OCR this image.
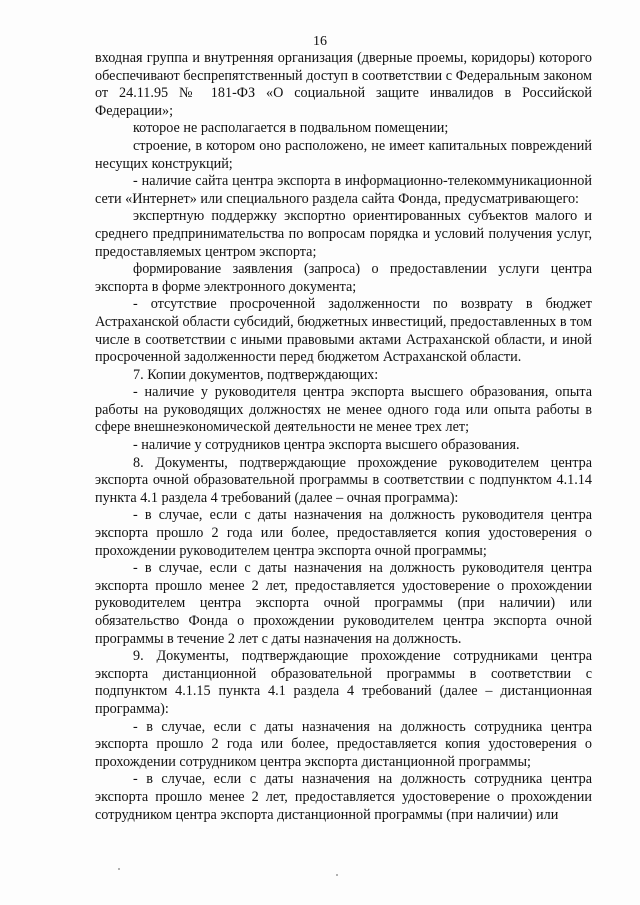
16

входная группа и внутренняя организация (дверные проемы, коридоры) которого обеспечивают беспрепятственный доступ в соответствии с Федеральным законом от 24.11.95 № 181-ФЗ «О социальной защите инвалидов в Российской Федерации»;

которое не располагается в подвальном помещении;

строение, в котором оно расположено, не имеет капитальных повреждений несущих конструкций;

- наличие сайта центра экспорта в информационно-телекоммуникационной сети «Интернет» или специального раздела сайта Фонда, предусматривающего:

экспертную поддержку экспортно ориентированных субъектов малого и среднего предпринимательства по вопросам порядка и условий получения услуг, предоставляемых центром экспорта;

формирование заявления (запроса) о предоставлении услуги центра экспорта в форме электронного документа;

- отсутствие просроченной задолженности по возврату в бюджет Астраханской области субсидий, бюджетных инвестиций, предоставленных в том числе в соответствии с иными правовыми актами Астраханской области, и иной просроченной задолженности перед бюджетом Астраханской области.

7. Копии документов, подтверждающих:

- наличие у руководителя центра экспорта высшего образования, опыта работы на руководящих должностях не менее одного года или опыта работы в сфере внешнеэкономической деятельности не менее трех лет;

- наличие у сотрудников центра экспорта высшего образования.

8. Документы, подтверждающие прохождение руководителем центра экспорта очной образовательной программы в соответствии с подпунктом 4.1.14 пункта 4.1 раздела 4 требований (далее – очная программа):

- в случае, если с даты назначения на должность руководителя центра экспорта прошло 2 года или более, предоставляется копия удостоверения о прохождении руководителем центра экспорта очной программы;

- в случае, если с даты назначения на должность руководителя центра экспорта прошло менее 2 лет, предоставляется удостоверение о прохождении руководителем центра экспорта очной программы (при наличии) или обязательство Фонда о прохождении руководителем центра экспорта очной программы в течение 2 лет с даты назначения на должность.

9. Документы, подтверждающие прохождение сотрудниками центра экспорта дистанционной образовательной программы в соответствии с подпунктом 4.1.15 пункта 4.1 раздела 4 требований (далее – дистанционная программа):

- в случае, если с даты назначения на должность сотрудника центра экспорта прошло 2 года или более, предоставляется копия удостоверения о прохождении сотрудником центра экспорта дистанционной программы;

- в случае, если с даты назначения на должность сотрудника центра экспорта прошло менее 2 лет, предоставляется удостоверение о прохождении сотрудником центра экспорта дистанционной программы (при наличии) или
